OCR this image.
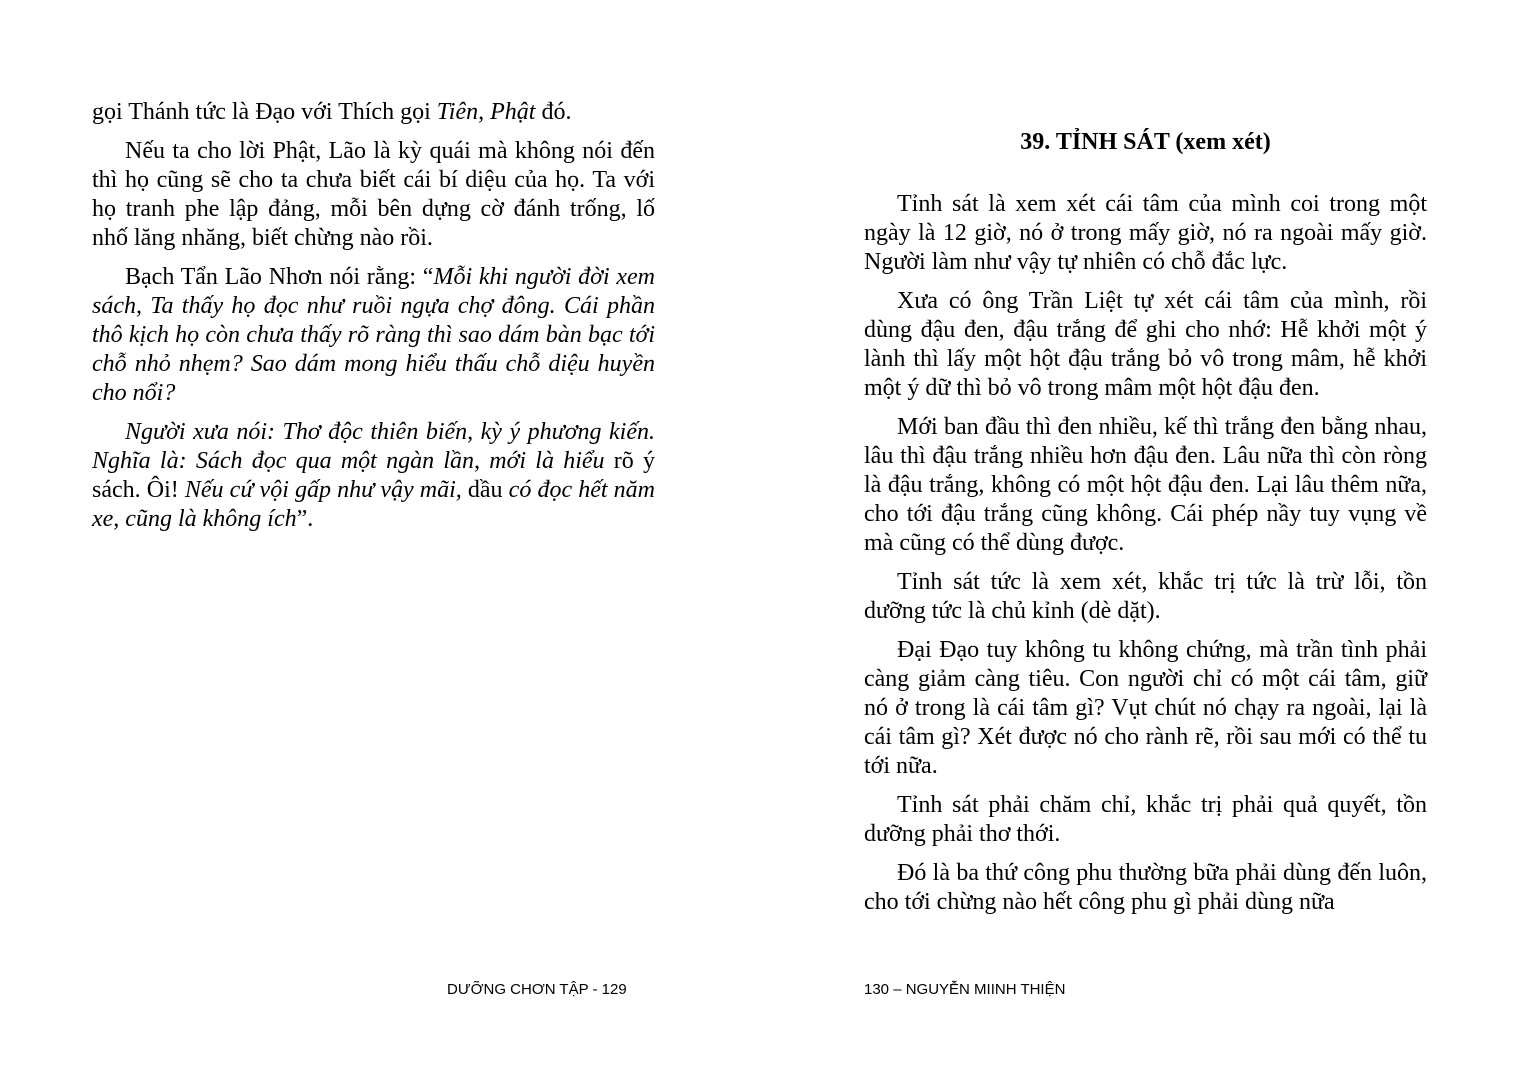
gọi Thánh tức là Đạo với Thích gọi Tiên, Phật đó.

Nếu ta cho lời Phật, Lão là kỳ quái mà không nói đến thì họ cũng sẽ cho ta chưa biết cái bí diệu của họ. Ta với họ tranh phe lập đảng, mỗi bên dựng cờ đánh trống, lố nhố lăng nhăng, biết chừng nào rồi.

Bạch Tẩn Lão Nhơn nói rằng: “Mỗi khi người đời xem sách, Ta thấy họ đọc như ruồi ngựa chợ đông. Cái phần thô kịch họ còn chưa thấy rõ ràng thì sao dám bàn bạc tới chỗ nhỏ nhẹm? Sao dám mong hiểu thấu chỗ diệu huyền cho nổi?

Người xưa nói: Thơ độc thiên biến, kỳ ý phương kiến. Nghĩa là: Sách đọc qua một ngàn lần, mới là hiểu rõ ý sách. Ôi! Nếu cứ vội gấp như vậy mãi, dầu có đọc hết năm xe, cũng là không ích”.

DƯỠNG CHƠN TẬP - 129
39. TỈNH SÁT (xem xét)

Tỉnh sát là xem xét cái tâm của mình coi trong một ngày là 12 giờ, nó ở trong mấy giờ, nó ra ngoài mấy giờ. Người làm như vậy tự nhiên có chỗ đắc lực.

Xưa có ông Trần Liệt tự xét cái tâm của mình, rồi dùng đậu đen, đậu trắng để ghi cho nhớ: Hễ khởi một ý lành thì lấy một hột đậu trắng bỏ vô trong mâm, hễ khởi một ý dữ thì bỏ vô trong mâm một hột đậu đen.

Mới ban đầu thì đen nhiều, kế thì trắng đen bằng nhau, lâu thì đậu trắng nhiều hơn đậu đen. Lâu nữa thì còn ròng là đậu trắng, không có một hột đậu đen. Lại lâu thêm nữa, cho tới đậu trắng cũng không. Cái phép nầy tuy vụng về mà cũng có thể dùng được.

Tỉnh sát tức là xem xét, khắc trị tức là trừ lỗi, tồn dưỡng tức là chủ kỉnh (dè dặt).

Đại Đạo tuy không tu không chứng, mà trần tình phải càng giảm càng tiêu. Con người chỉ có một cái tâm, giữ nó ở trong là cái tâm gì? Vụt chút nó chạy ra ngoài, lại là cái tâm gì? Xét được nó cho rành rẽ, rồi sau mới có thể tu tới nữa.

Tỉnh sát phải chăm chỉ, khắc trị phải quả quyết, tồn dưỡng phải thơ thới.

Đó là ba thứ công phu thường bữa phải dùng đến luôn, cho tới chừng nào hết công phu gì phải dùng nữa

130 – NGUYỄN MIINH THIỆN
